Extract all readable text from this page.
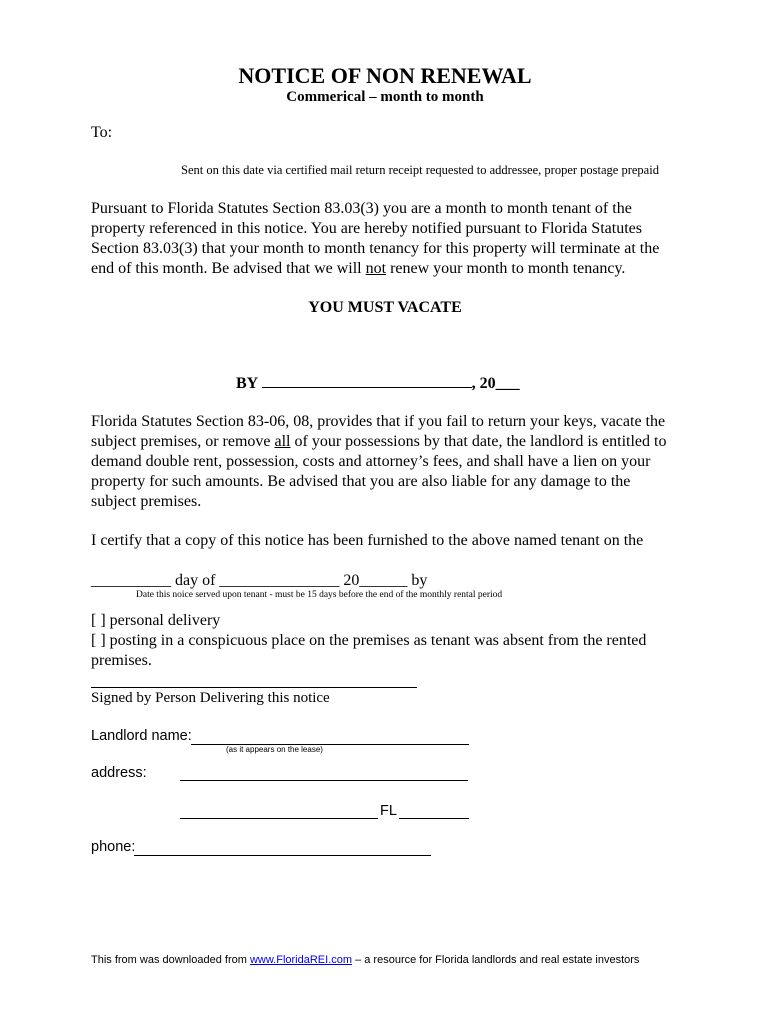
NOTICE OF NON RENEWAL
Commerical – month to month
To:
Sent on this date via certified mail return receipt requested to addressee, proper postage prepaid
Pursuant to Florida Statutes Section 83.03(3) you are a month to month tenant of the
property referenced in this notice. You are hereby notified pursuant to Florida Statutes
Section 83.03(3) that your month to month tenancy for this property will terminate at the
end of this month. Be advised that we will not renew your month to month tenancy.
YOU MUST VACATE
BY	, 20___
Florida Statutes Section 83-06, 08, provides that if you fail to return your keys, vacate the
subject premises, or remove all of your possessions by that date, the landlord is entitled to
demand double rent, possession, costs and attorney’s fees, and shall have a lien on your
property for such amounts. Be advised that you are also liable for any damage to the
subject premises.
I certify that a copy of this notice has been furnished to the above named tenant on the
__________ day of _______________ 20______ by
Date this noice served upon tenant - must be 15 days before the end of the monthly rental period
[ ] personal delivery
[ ] posting in a conspicuous place on the premises as tenant was absent from the rented
premises.
Signed by Person Delivering this notice
Landlord name:
(as it appears on the lease)
address:
FL
phone:
This from was downloaded from www.FloridaREI.com – a resource for Florida landlords and real estate investors
